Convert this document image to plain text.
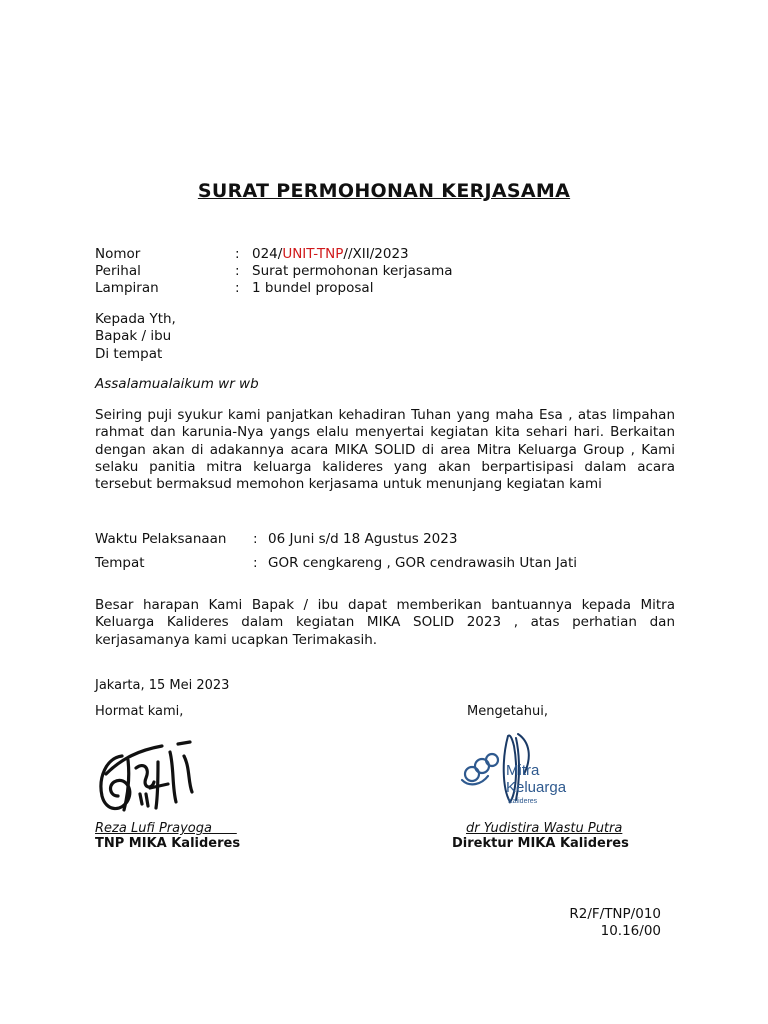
SURAT PERMOHONAN KERJASAMA
Nomor	: 024/UNIT-TNP//XII/2023
Perihal	: Surat permohonan kerjasama
Lampiran	: 1 bundel proposal
Kepada Yth,
Bapak / ibu
Di tempat
Assalamualaikum wr wb
Seiring puji syukur kami panjatkan kehadiran Tuhan yang maha Esa , atas limpahan rahmat dan karunia-Nya yangs elalu menyertai kegiatan kita sehari hari. Berkaitan dengan akan di adakannya acara MIKA SOLID di area Mitra Keluarga Group , Kami selaku panitia mitra keluarga kalideres yang akan berpartisipasi dalam acara tersebut bermaksud memohon kerjasama untuk menunjang kegiatan kami
Waktu Pelaksanaan	: 06 Juni s/d 18 Agustus 2023
Tempat	: GOR cengkareng , GOR cendrawasih Utan Jati
Besar harapan Kami Bapak / ibu dapat memberikan bantuannya kepada Mitra Keluarga Kalideres dalam kegiatan MIKA SOLID 2023 , atas perhatian dan kerjasamanya kami ucapkan Terimakasih.
Jakarta, 15 Mei 2023
Hormat kami,	Mengetahui,
Mitra
Keluarga
Kalideres
Reza Lufi Prayoga
TNP MIKA Kalideres
dr Yudistira Wastu Putra
Direktur MIKA Kalideres
R2/F/TNP/010
10.16/00
